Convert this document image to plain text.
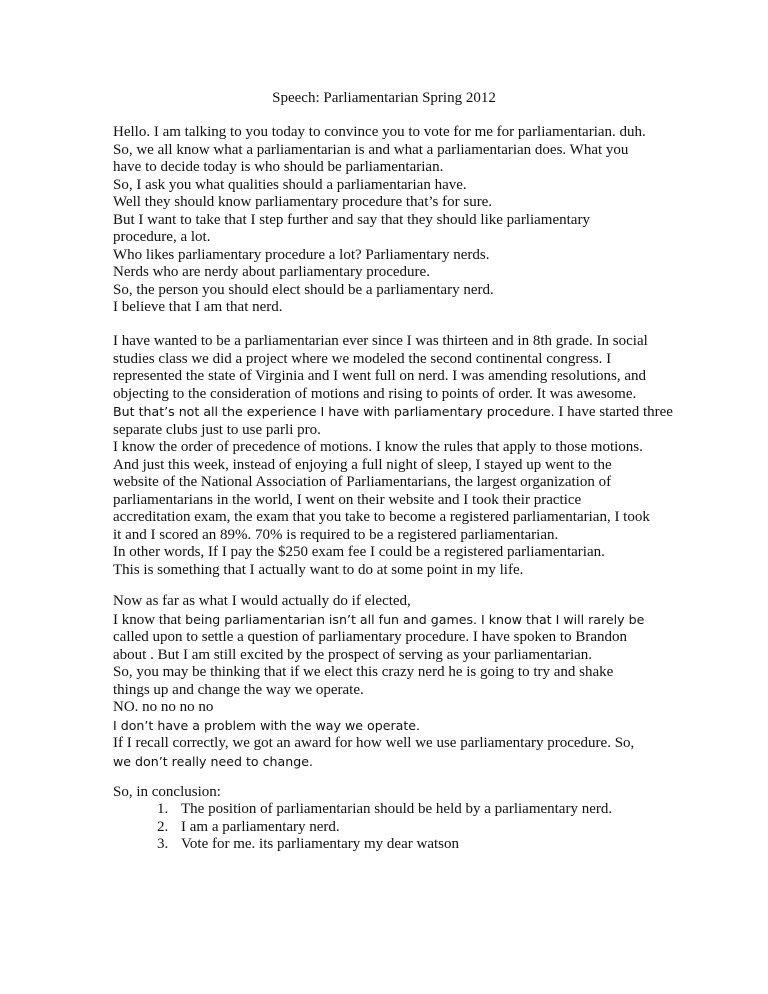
Speech: Parliamentarian Spring 2012
Hello. I am talking to you today to convince you to vote for me for parliamentarian. duh.
So, we all know what a parliamentarian is and what a parliamentarian does. What you
have to decide today is who should be parliamentarian.
So, I ask you what qualities should a parliamentarian have.
Well they should know parliamentary procedure that’s for sure.
But I want to take that I step further and say that they should like parliamentary
procedure, a lot.
Who likes parliamentary procedure a lot? Parliamentary nerds.
Nerds who are nerdy about parliamentary procedure.
So, the person you should elect should be a parliamentary nerd.
I believe that I am that nerd.
I have wanted to be a parliamentarian ever since I was thirteen and in 8th grade. In social
studies class we did a project where we modeled the second continental congress. I
represented the state of Virginia and I went full on nerd. I was amending resolutions, and
objecting to the consideration of motions and rising to points of order. It was awesome.
But that’s not all the experience I have with parliamentary procedure. I have started three
separate clubs just to use parli pro.
I know the order of precedence of motions. I know the rules that apply to those motions.
And just this week, instead of enjoying a full night of sleep, I stayed up went to the
website of the National Association of Parliamentarians, the largest organization of
parliamentarians in the world, I went on their website and I took their practice
accreditation exam, the exam that you take to become a registered parliamentarian, I took
it and I scored an 89%. 70% is required to be a registered parliamentarian.
In other words, If I pay the $250 exam fee I could be a registered parliamentarian.
This is something that I actually want to do at some point in my life.
Now as far as what I would actually do if elected,
I know that being parliamentarian isn’t all fun and games. I know that I will rarely be
called upon to settle a question of parliamentary procedure. I have spoken to Brandon
about . But I am still excited by the prospect of serving as your parliamentarian.
So, you may be thinking that if we elect this crazy nerd he is going to try and shake
things up and change the way we operate.
NO. no no no no
I don’t have a problem with the way we operate.
If I recall correctly, we got an award for how well we use parliamentary procedure. So,
we don’t really need to change.
So, in conclusion:
1. The position of parliamentarian should be held by a parliamentary nerd.
2. I am a parliamentary nerd.
3. Vote for me. its parliamentary my dear watson
